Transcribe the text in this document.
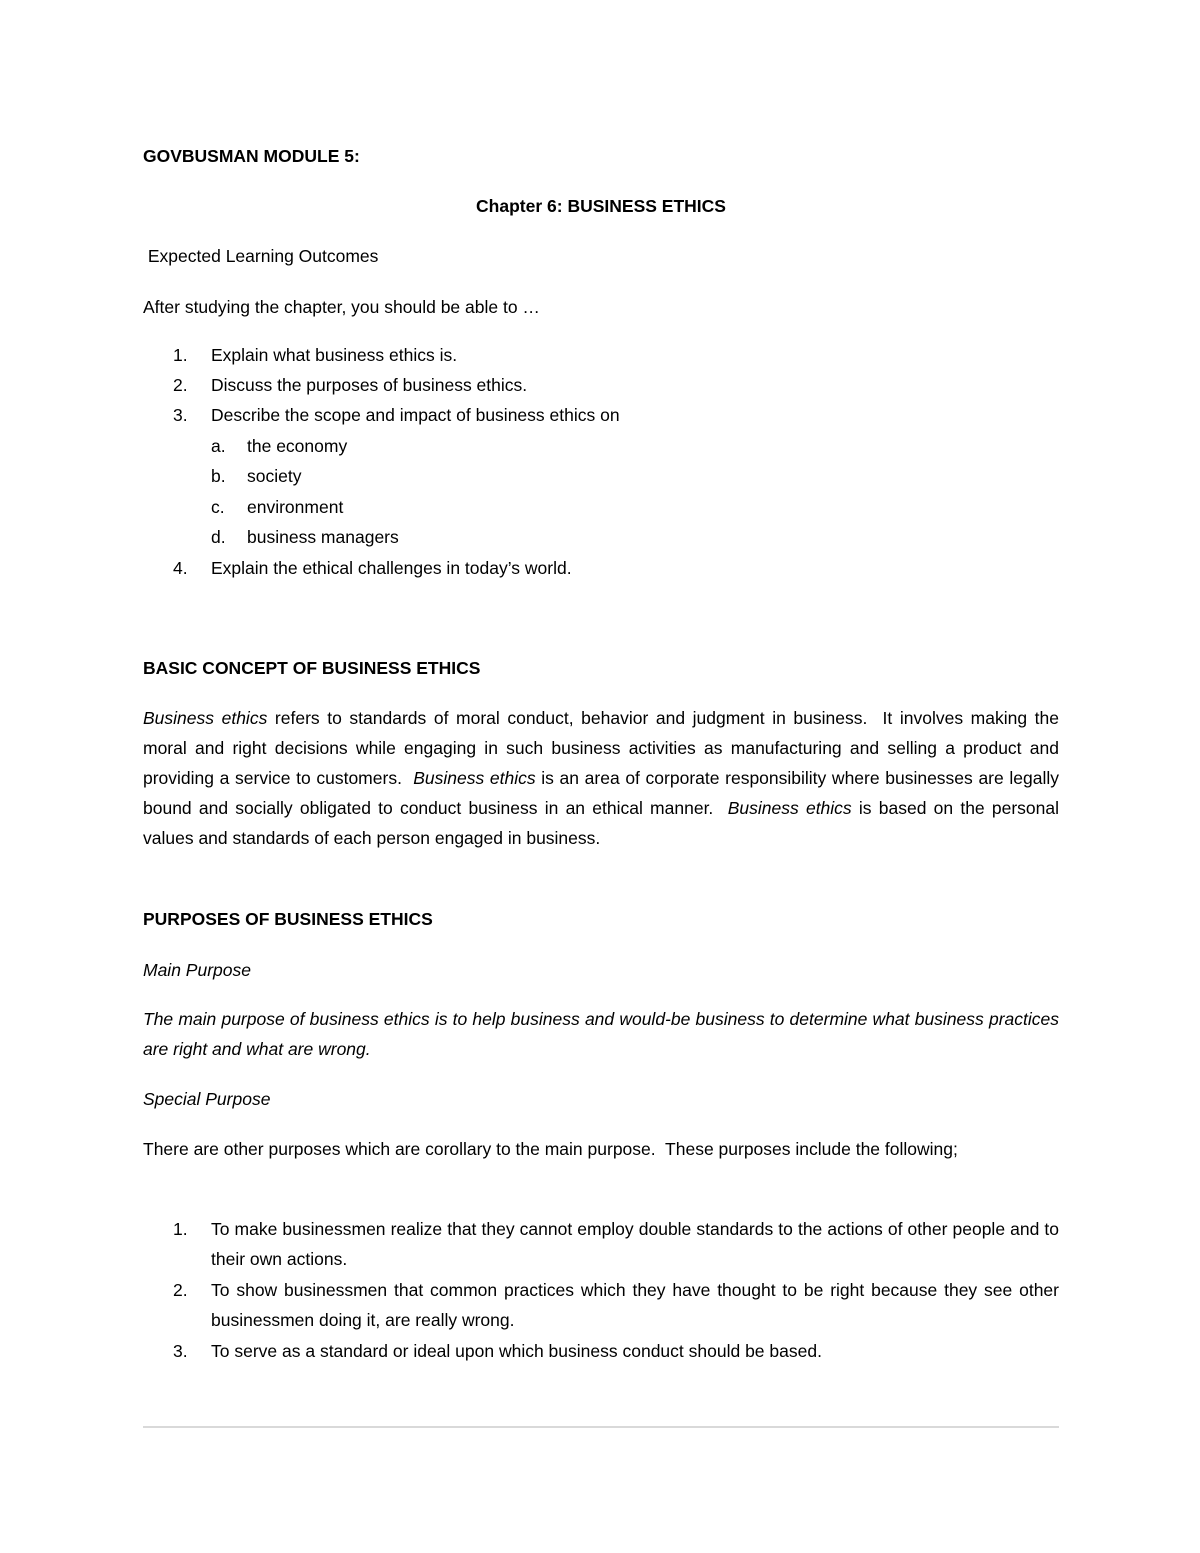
GOVBUSMAN MODULE 5:
Chapter 6: BUSINESS ETHICS
Expected Learning Outcomes
After studying the chapter, you should be able to …
1.	Explain what business ethics is.
2.	Discuss the purposes of business ethics.
3.	Describe the scope and impact of business ethics on
a.	the economy
b.	society
c.	environment
d.	business managers
4.	Explain the ethical challenges in today’s world.
BASIC CONCEPT OF BUSINESS ETHICS

Business ethics refers to standards of moral conduct, behavior and judgment in business.  It involves making the moral and right decisions while engaging in such business activities as manufacturing and selling a product and providing a service to customers.  Business ethics is an area of corporate responsibility where businesses are legally bound and socially obligated to conduct business in an ethical manner.  Business ethics is based on the personal values and standards of each person engaged in business.

PURPOSES OF BUSINESS ETHICS
Main Purpose

The main purpose of business ethics is to help business and would-be business to determine what business practices are right and what are wrong.

Special Purpose

There are other purposes which are corollary to the main purpose.  These purposes include the following;

1.	To make businessmen realize that they cannot employ double standards to the actions of other people and to their own actions.
2.	To show businessmen that common practices which they have thought to be right because they see other businessmen doing it, are really wrong.
3.	To serve as a standard or ideal upon which business conduct should be based.
